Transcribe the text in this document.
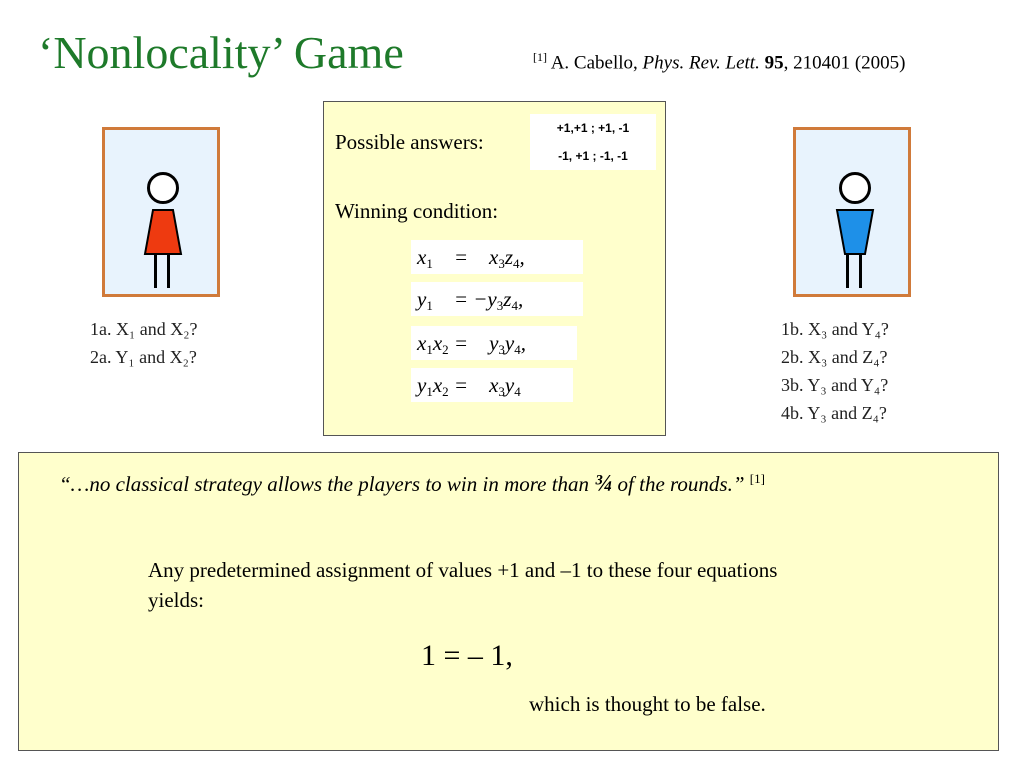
‘Nonlocality’ Game	[1] A. Cabello, Phys. Rev. Lett. 95, 210401 (2005)
1a. X₁ and X₂?
2a. Y₁ and X₂?
1b. X₃ and Y₄?
2b. X₃ and Z₄?
3b. Y₃ and Y₄?
4b. Y₃ and Z₄?
Possible answers:
+1,+1 ; +1, -1
-1, +1 ; -1, -1
Winning condition:
$x_1$    =    $x_3z_4$,
$y_1$    = $-y_3z_4$,
$x_1x_2$ =    $y_3y_4$,
$y_1x_2$ =    $x_3y_4$
“…no classical strategy allows the players to win in more than ¾ of the rounds.” [1]
Any predetermined assignment of values +1 and –1 to these four equations yields:
1 = – 1,
which is thought to be false.
